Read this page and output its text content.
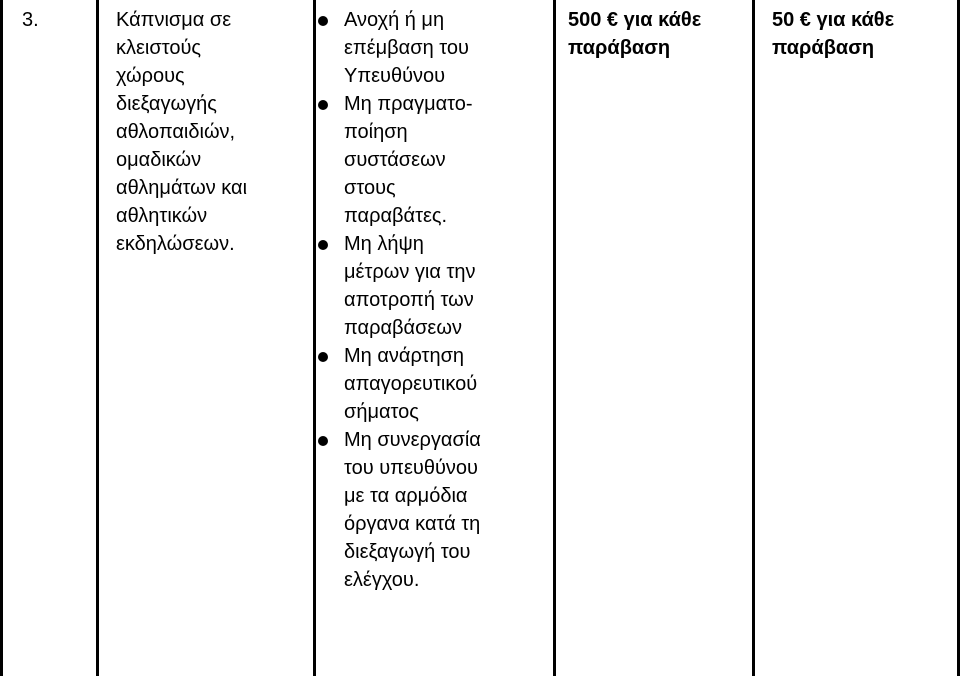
3.	Κάπνισμα σε
κλειστούς
χώρους
διεξαγωγής
αθλοπαιδιών,
ομαδικών
αθλημάτων και
αθλητικών
εκδηλώσεων.
Ανοχή ή μη
επέμβαση του
Υπευθύνου
Μη πραγματο-
ποίηση
συστάσεων
στους
παραβάτες.
Μη λήψη
μέτρων για την
αποτροπή των
παραβάσεων
Μη ανάρτηση
απαγορευτικού
σήματος
Μη συνεργασία
του υπευθύνου
με τα αρμόδια
όργανα κατά τη
διεξαγωγή του
ελέγχου.
500 € για κάθε
παράβαση
50 € για κάθε
παράβαση
